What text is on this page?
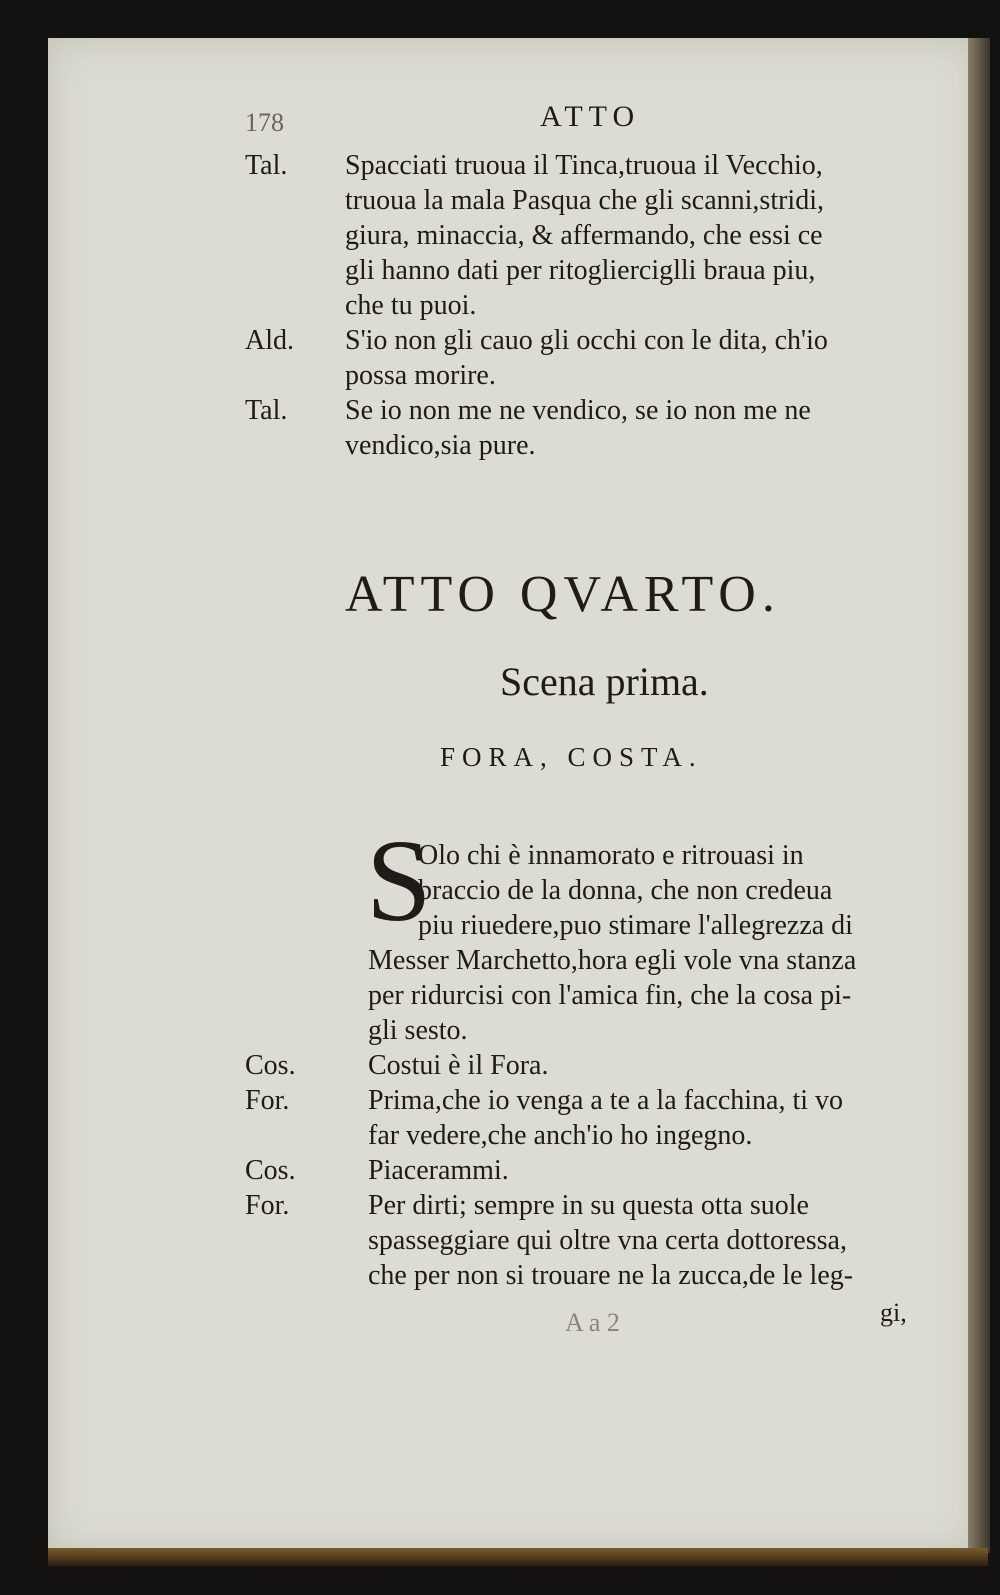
178	ATTO

Tal. Spacciati truoua il Tinca,truoua il Vecchio,

truoua la mala Pasqua che gli scanni,stridi,

giura, minaccia, & affermando, che essi ce

gli hanno dati per ritoglierciglli braua piu,

che tu puoi.

Ald. S'io non gli cauo gli occhi con le dita, ch'io

possa morire.

Tal. Se io non me ne vendico, se io non me ne

vendico,sia pure.

ATTO QVARTO.

Scena prima.

FORA, COSTA.

S

Olo chi è innamorato e ritrouasi in

braccio de la donna, che non credeua

piu riuedere,puo stimare l'allegrezza di

Messer Marchetto,hora egli vole vna stanza

per ridurcisi con l'amica fin, che la cosa pi-

gli sesto.

Cos.	Costui è il Fora.

For.	Prima,che io venga a te a la facchina, ti vo

far vedere,che anch'io ho ingegno.

Cos.	Piacerammi.

For.	Per dirti; sempre in su questa otta suole

spasseggiare qui oltre vna certa dottoressa,

che per non si trouare ne la zucca,de le leg-

gi,

A a 2
